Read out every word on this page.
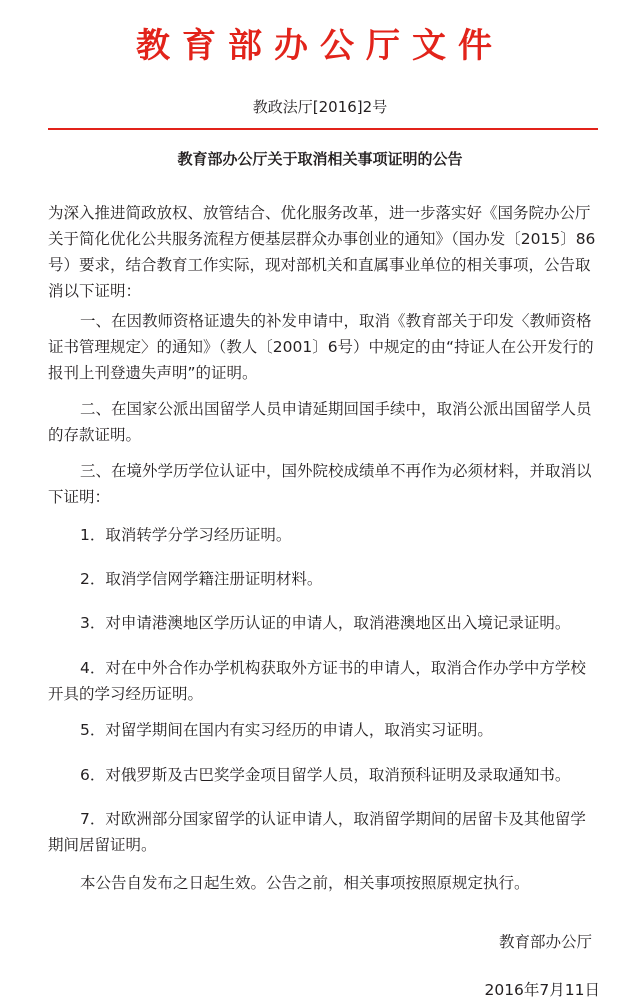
教育部办公厅文件
教政法厅[2016]2号
教育部办公厅关于取消相关事项证明的公告

为深入推进简政放权、放管结合、优化服务改革，进一步落实好《国务院办公厅关于简化优化公共服务流程方便基层群众办事创业的通知》（国办发〔2015〕86号）要求，结合教育工作实际，现对部机关和直属事业单位的相关事项，公告取消以下证明：

一、在因教师资格证遗失的补发申请中，取消《教育部关于印发〈教师资格证书管理规定〉的通知》（教人〔2001〕6号）中规定的由“持证人在公开发行的报刊上刊登遗失声明”的证明。

二、在国家公派出国留学人员申请延期回国手续中，取消公派出国留学人员的存款证明。

三、在境外学历学位认证中，国外院校成绩单不再作为必须材料，并取消以下证明：

1．取消转学分学习经历证明。

2．取消学信网学籍注册证明材料。

3．对申请港澳地区学历认证的申请人，取消港澳地区出入境记录证明。

4．对在中外合作办学机构获取外方证书的申请人，取消合作办学中方学校开具的学习经历证明。

5．对留学期间在国内有实习经历的申请人，取消实习证明。

6．对俄罗斯及古巴奖学金项目留学人员，取消预科证明及录取通知书。

7．对欧洲部分国家留学的认证申请人，取消留学期间的居留卡及其他留学期间居留证明。

本公告自发布之日起生效。公告之前，相关事项按照原规定执行。

教育部办公厅
2016年7月11日
